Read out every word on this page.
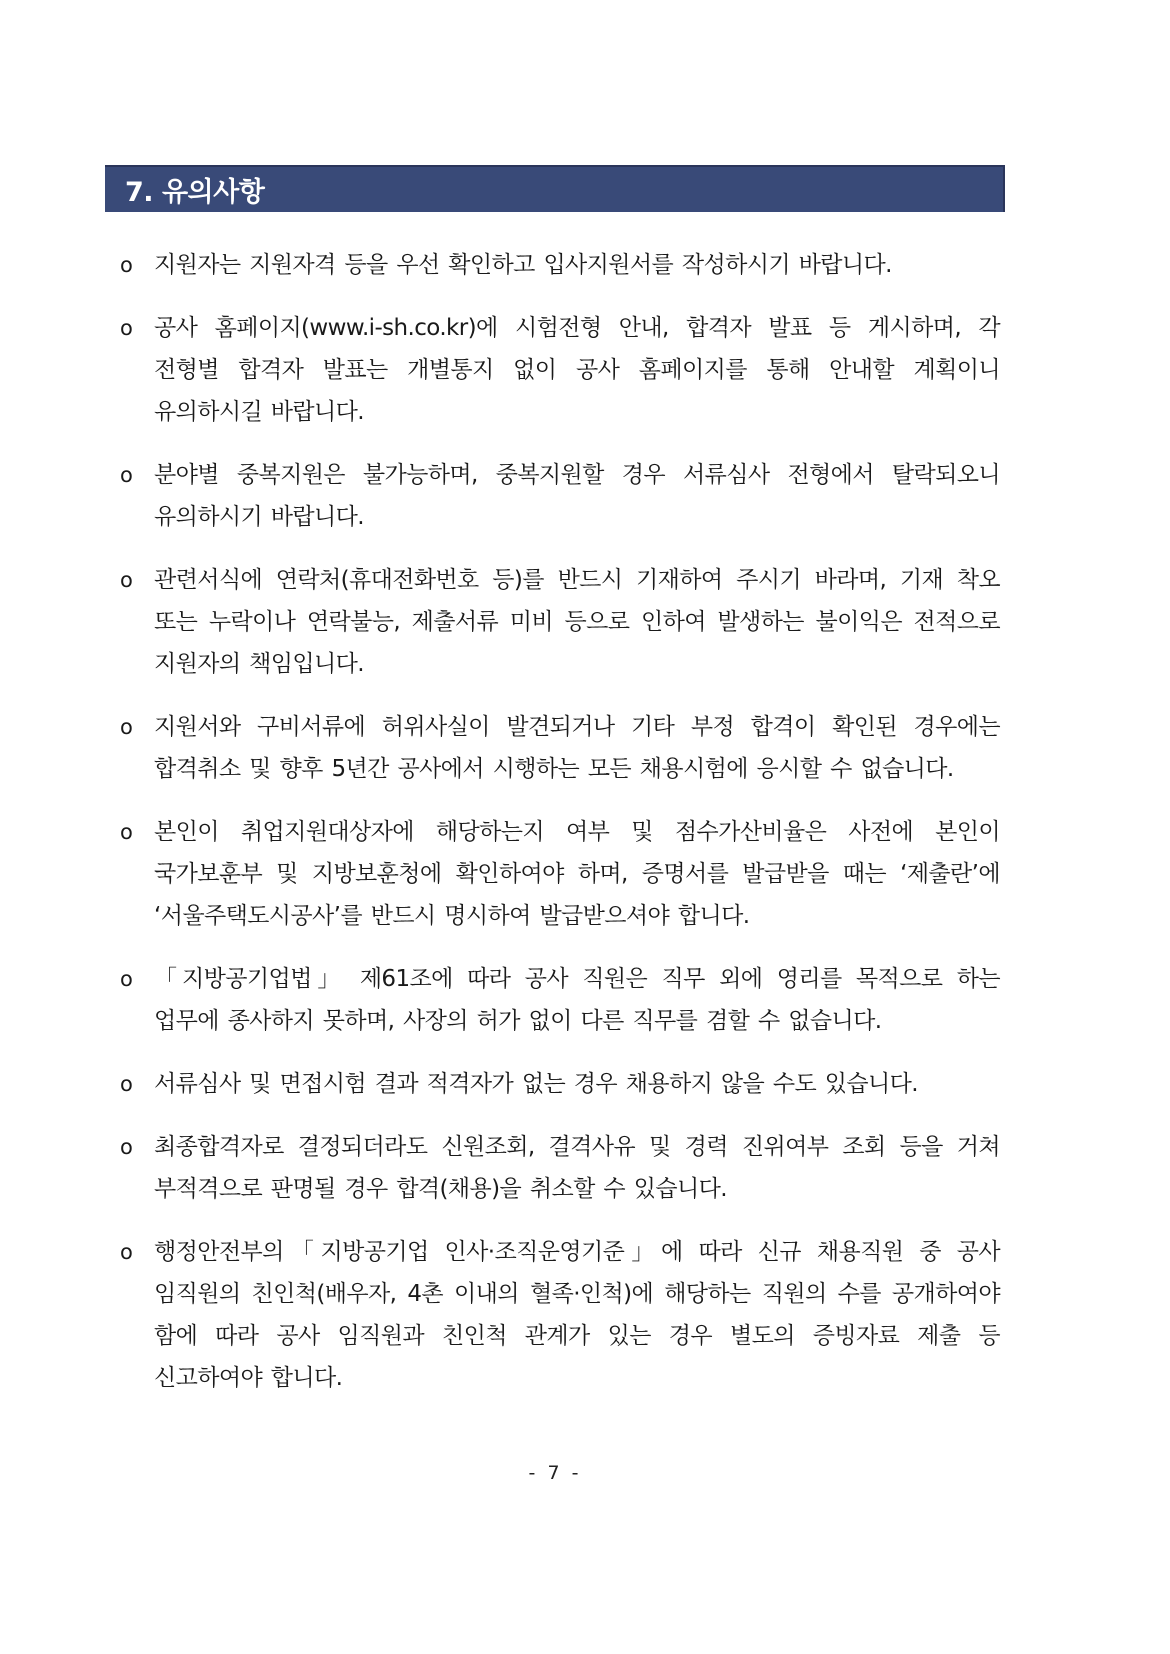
7. 유의사항
o 지원자는 지원자격 등을 우선 확인하고 입사지원서를 작성하시기 바랍니다.
o 공사 홈페이지(www.i-sh.co.kr)에 시험전형 안내, 합격자 발표 등 게시하며, 각 전형별 합격자 발표는 개별통지 없이 공사 홈페이지를 통해 안내할 계획이니 유의하시길 바랍니다.
o 분야별 중복지원은 불가능하며, 중복지원할 경우 서류심사 전형에서 탈락되오니 유의하시기 바랍니다.
o 관련서식에 연락처(휴대전화번호 등)를 반드시 기재하여 주시기 바라며, 기재 착오 또는 누락이나 연락불능, 제출서류 미비 등으로 인하여 발생하는 불이익은 전적으로 지원자의 책임입니다.
o 지원서와 구비서류에 허위사실이 발견되거나 기타 부정 합격이 확인된 경우에는 합격취소 및 향후 5년간 공사에서 시행하는 모든 채용시험에 응시할 수 없습니다.
o 본인이 취업지원대상자에 해당하는지 여부 및 점수가산비율은 사전에 본인이 국가보훈부 및 지방보훈청에 확인하여야 하며, 증명서를 발급받을 때는 ‘제출란’에 ‘서울주택도시공사’를 반드시 명시하여 발급받으셔야 합니다.
o 「지방공기업법」 제61조에 따라 공사 직원은 직무 외에 영리를 목적으로 하는 업무에 종사하지 못하며, 사장의 허가 없이 다른 직무를 겸할 수 없습니다.
o 서류심사 및 면접시험 결과 적격자가 없는 경우 채용하지 않을 수도 있습니다.
o 최종합격자로 결정되더라도 신원조회, 결격사유 및 경력 진위여부 조회 등을 거쳐 부적격으로 판명될 경우 합격(채용)을 취소할 수 있습니다.
o 행정안전부의「지방공기업 인사·조직운영기준」에 따라 신규 채용직원 중 공사 임직원의 친인척(배우자, 4촌 이내의 혈족·인척)에 해당하는 직원의 수를 공개하여야 함에 따라 공사 임직원과 친인척 관계가 있는 경우 별도의 증빙자료 제출 등 신고하여야 합니다.
- 7 -
